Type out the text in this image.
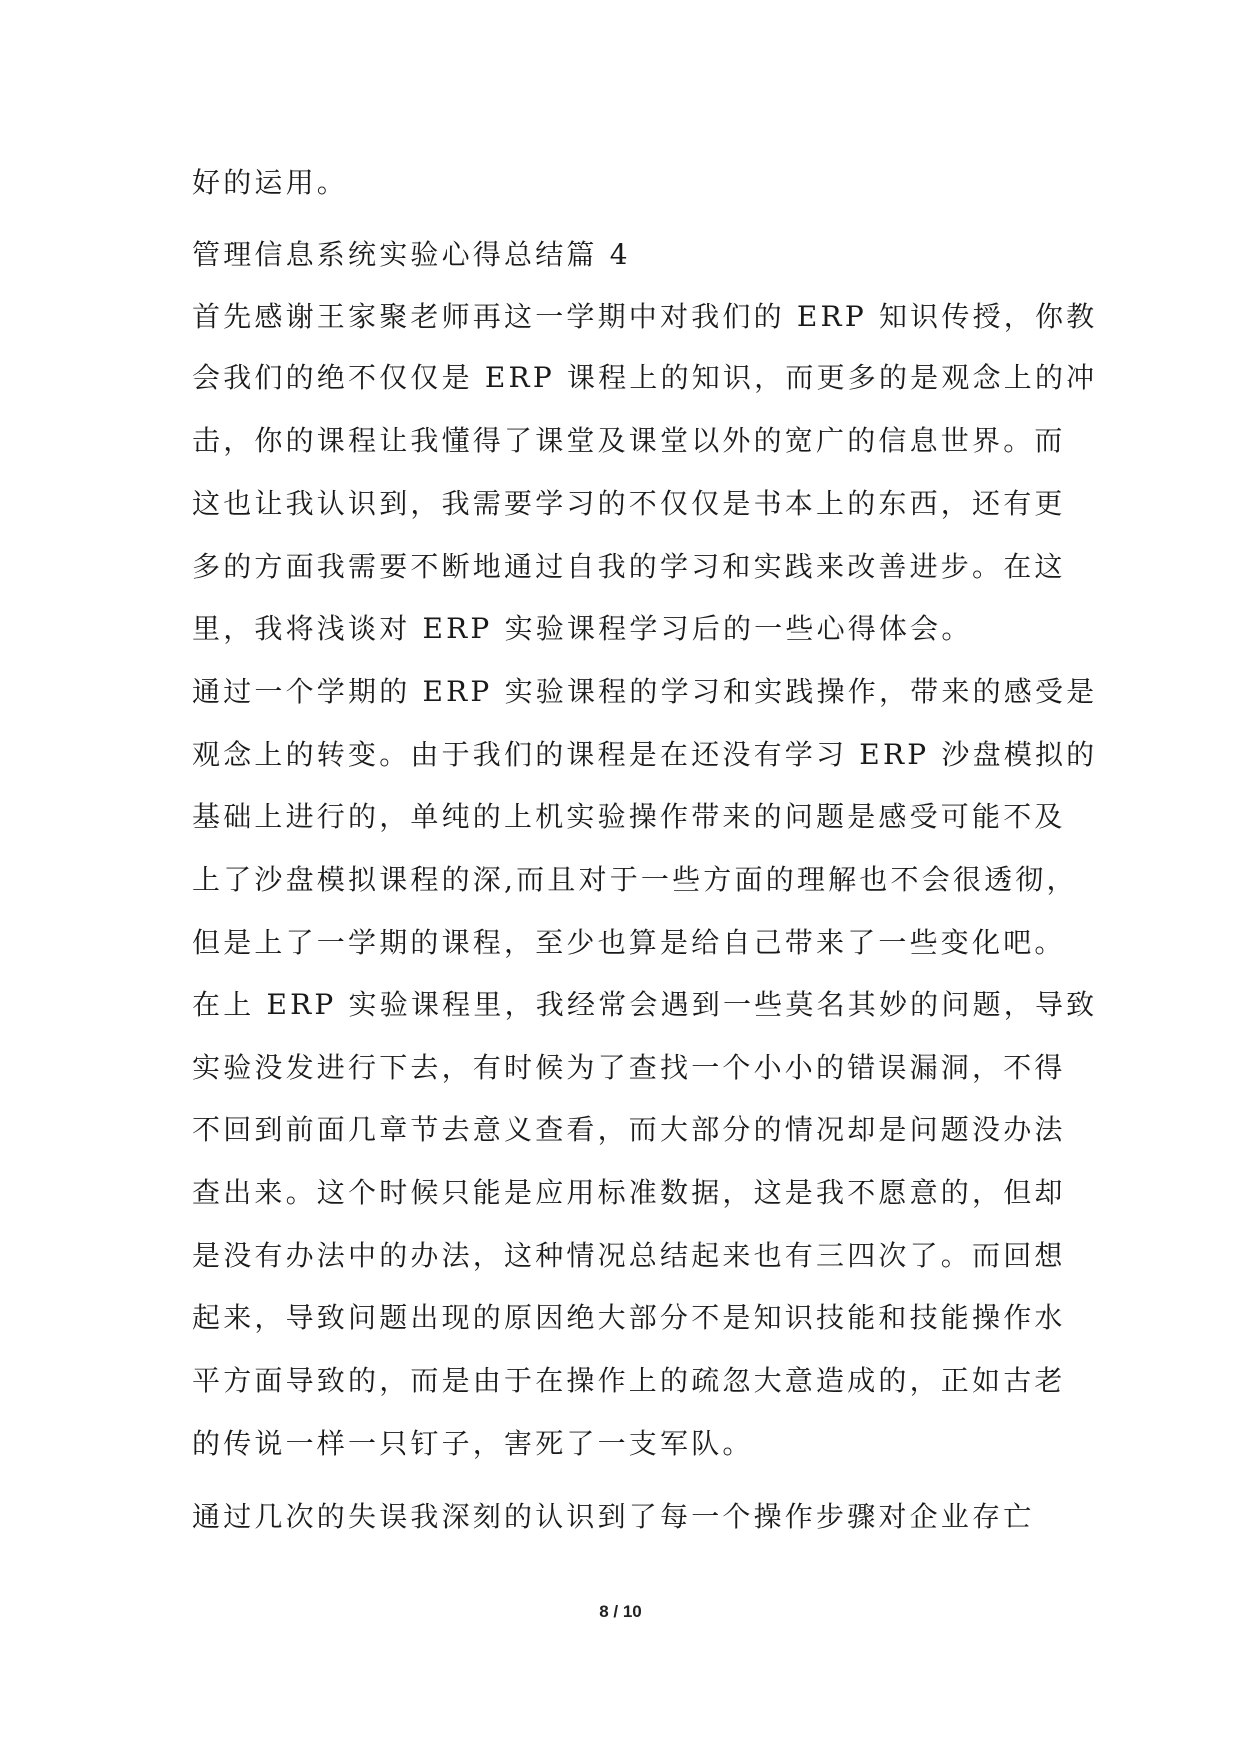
好的运用。
管理信息系统实验心得总结篇 4
首先感谢王家聚老师再这一学期中对我们的 ERP 知识传授，你教
会我们的绝不仅仅是 ERP 课程上的知识，而更多的是观念上的冲
击，你的课程让我懂得了课堂及课堂以外的宽广的信息世界。而
这也让我认识到，我需要学习的不仅仅是书本上的东西，还有更
多的方面我需要不断地通过自我的学习和实践来改善进步。在这
里，我将浅谈对 ERP 实验课程学习后的一些心得体会。
通过一个学期的 ERP 实验课程的学习和实践操作，带来的感受是
观念上的转变。由于我们的课程是在还没有学习 ERP 沙盘模拟的
基础上进行的，单纯的上机实验操作带来的问题是感受可能不及
上了沙盘模拟课程的深,而且对于一些方面的理解也不会很透彻，
但是上了一学期的课程，至少也算是给自己带来了一些变化吧。
在上 ERP 实验课程里，我经常会遇到一些莫名其妙的问题，导致
实验没发进行下去，有时候为了查找一个小小的错误漏洞，不得
不回到前面几章节去意义查看，而大部分的情况却是问题没办法
查出来。这个时候只能是应用标准数据，这是我不愿意的，但却
是没有办法中的办法，这种情况总结起来也有三四次了。而回想
起来，导致问题出现的原因绝大部分不是知识技能和技能操作水
平方面导致的，而是由于在操作上的疏忽大意造成的，正如古老
的传说一样一只钉子，害死了一支军队。
通过几次的失误我深刻的认识到了每一个操作步骤对企业存亡
8 / 10
